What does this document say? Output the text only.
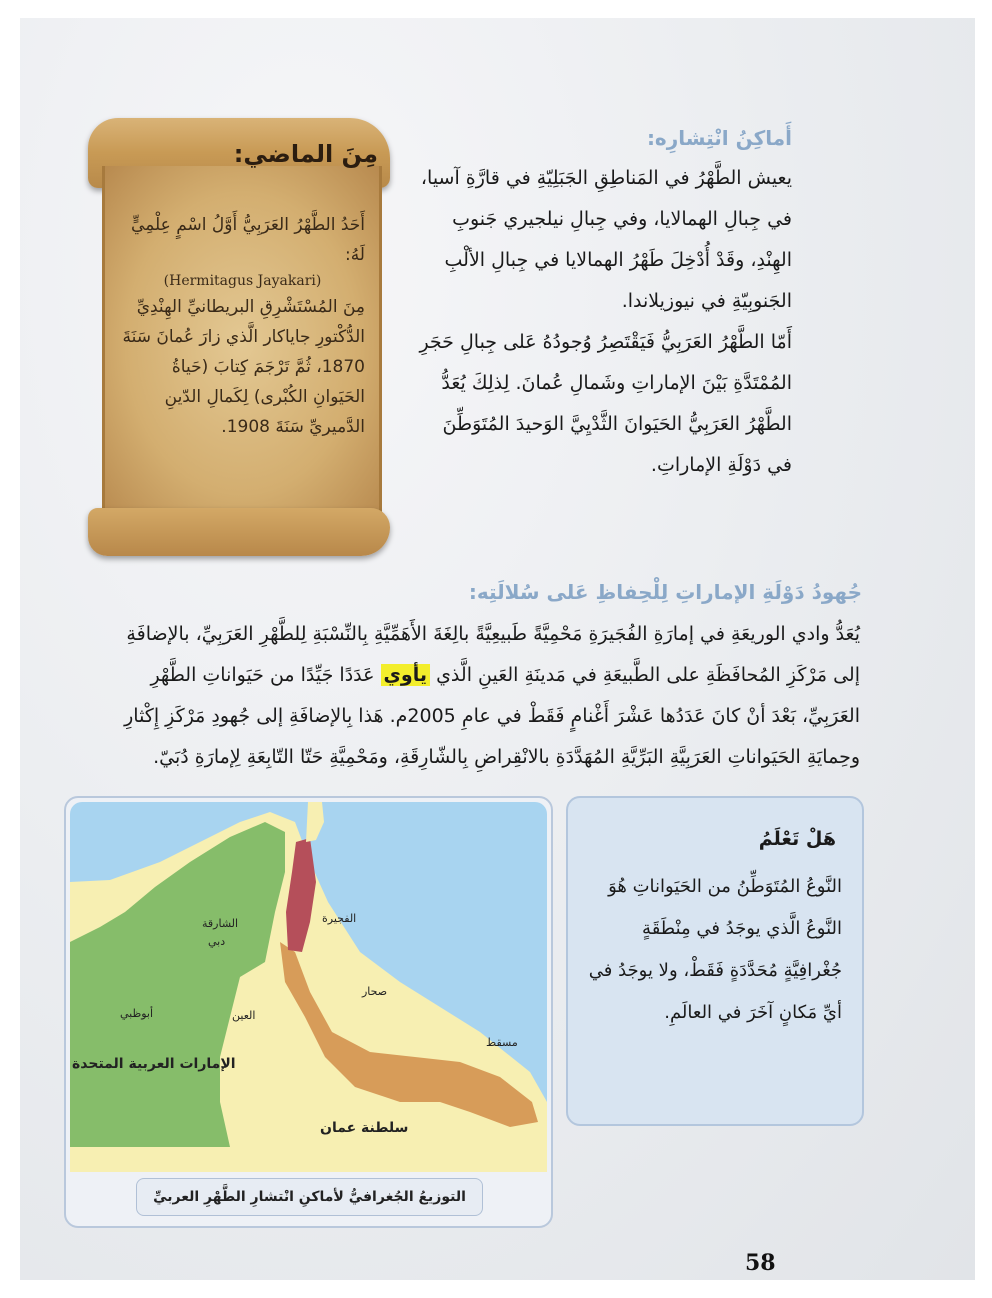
أَماكِنُ انْتِشارِه:

يعيش الطَّهْرُ في المَناطِقِ الجَبَلِيّةِ في قارَّةِ آسيا، في جِبالِ الهمالايا، وفي جِبالِ نيلجيري جَنوبِ الهِنْدِ، وقَدْ أُدْخِلَ طَهْرُ الهمالايا في جِبالِ الألْبِ الجَنوبِيّةِ في نيوزيلاندا.

أَمّا الطَّهْرُ العَرَبِيُّ فَيَقْتَصِرُ وُجودُهُ عَلى جِبالِ حَجَرِ المُمْتَدَّةِ بَيْنَ الإماراتِ وشَمالِ عُمانَ. لِذلِكَ يُعَدُّ الطَّهْرُ العَرَبِيُّ الحَيَوانَ الثَّدْيِيَّ الوَحيدَ المُتَوَطِّنَ في دَوْلَةِ الإماراتِ.

مِنَ الماضي:
أَحَدُ الطَّهْرُ العَرَبِيُّ أَوَّلُ اسْمٍ عِلْمِيٍّ لَهُ:
(Hermitagus Jayakari)
مِنَ المُسْتَشْرِقِ البريطانيِّ الهِنْدِيِّ الدُّكْتورِ جاياكار الَّذي زارَ عُمانَ سَنَةَ 1870، ثُمَّ تَرْجَمَ كِتابَ (حَياةُ الحَيَوانِ الكُبْرى) لِكَمالِ الدّينِ الدَّميريِّ سَنَةَ 1908.
جُهودُ دَوْلَةِ الإماراتِ لِلْحِفاظِ عَلى سُلالَتِه:

يُعَدُّ وادي الوريعَةِ في إمارَةِ الفُجَيرَةِ مَحْمِيَّةً طَبيعِيَّةً بالِغَةَ الأَهَمِّيَّةِ بِالنِّسْبَةِ لِلطَّهْرِ العَرَبِيِّ، بالإضافَةِ إلى مَرْكَزِ المُحافَظَةِ على الطَّبيعَةِ في مَدينَةِ العَينِ الَّذي يأوي عَدَدًا جَيِّدًا من حَيَواناتِ الطَّهْرِ العَرَبِيِّ، بَعْدَ أنْ كانَ عَدَدُها عَشْرَ أَغْنامٍ فَقَطْ في عامِ 2005م. هَذا بِالإضافَةِ إلى جُهودِ مَرْكَزِ إِكْثارِ وحِمايَةِ الحَيَواناتِ العَرَبِيَّةِ البَرِّيَّةِ المُهَدَّدَةِ بالانْقِراضِ بِالشّارِقَةِ، ومَحْمِيَّةِ حَتّا التّابِعَةِ لِإمارَةِ دُبَيّ.

الشارقة
دبي
الفجيرة
أبوظبي	العين
صحار
مسقط
الإمارات العربية المتحدة
سلطنة عمان
التوزيعُ الجُغرافيُّ لأماكنِ انْتشارِ الطَّهْرِ العربيِّ
هَلْ تَعْلَمُ
النَّوعُ المُتَوَطِّنُ من الحَيَواناتِ هُوَ النَّوعُ الَّذي يوجَدُ في مِنْطَقَةٍ جُغْرافِيَّةٍ مُحَدَّدَةٍ فَقَطْ، ولا يوجَدُ في أيِّ مَكانٍ آخَرَ في العالَمِ.
58
